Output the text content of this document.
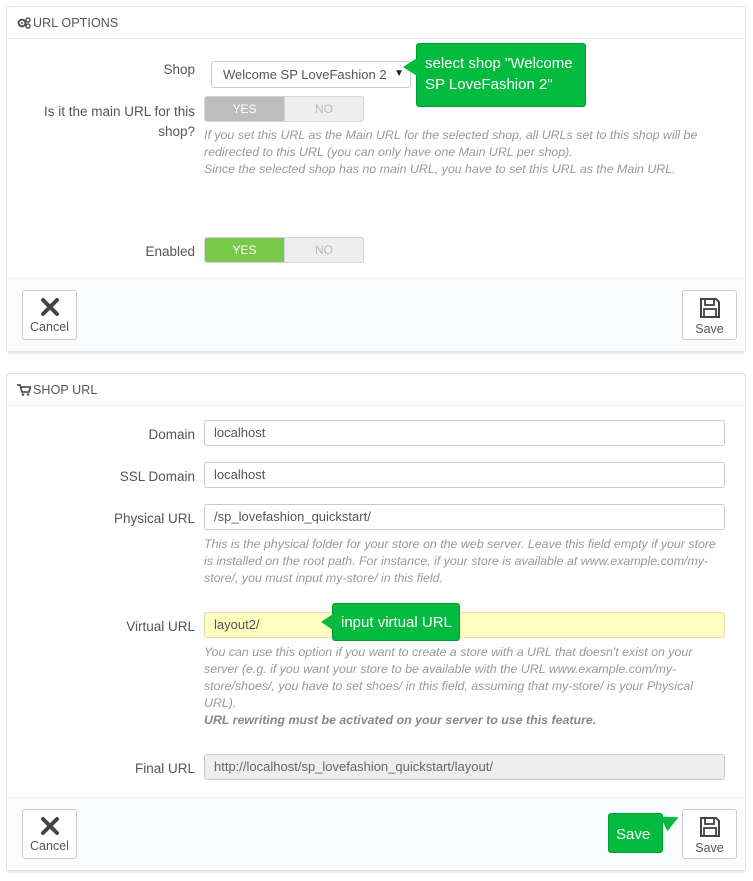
URL OPTIONS
Shop	Welcome SP LoveFashion 2 ▼
Is it the main URL for this shop?
YES	NO
If you set this URL as the Main URL for the selected shop, all URLs set to this shop will be redirected to this URL (you can only have one Main URL per shop).
Since the selected shop has no main URL, you have to set this URL as the Main URL.
Enabled	YES	NO
Cancel	Save
select shop "Welcome
SP LoveFashion 2"
SHOP URL
Domain	localhost
SSL Domain	localhost
Physical URL	/sp_lovefashion_quickstart/
This is the physical folder for your store on the web server. Leave this field empty if your store is installed on the root path. For instance, if your store is available at www.example.com/my-store/, you must input my-store/ in this field.
Virtual URL	layout2/
You can use this option if you want to create a store with a URL that doesn't exist on your server (e.g. if you want your store to be available with the URL www.example.com/my-store/shoes/, you have to set shoes/ in this field, assuming that my-store/ is your Physical URL).
URL rewriting must be activated on your server to use this feature.
Final URL	http://localhost/sp_lovefashion_quickstart/layout/
Cancel	Save
input virtual URL
Save
